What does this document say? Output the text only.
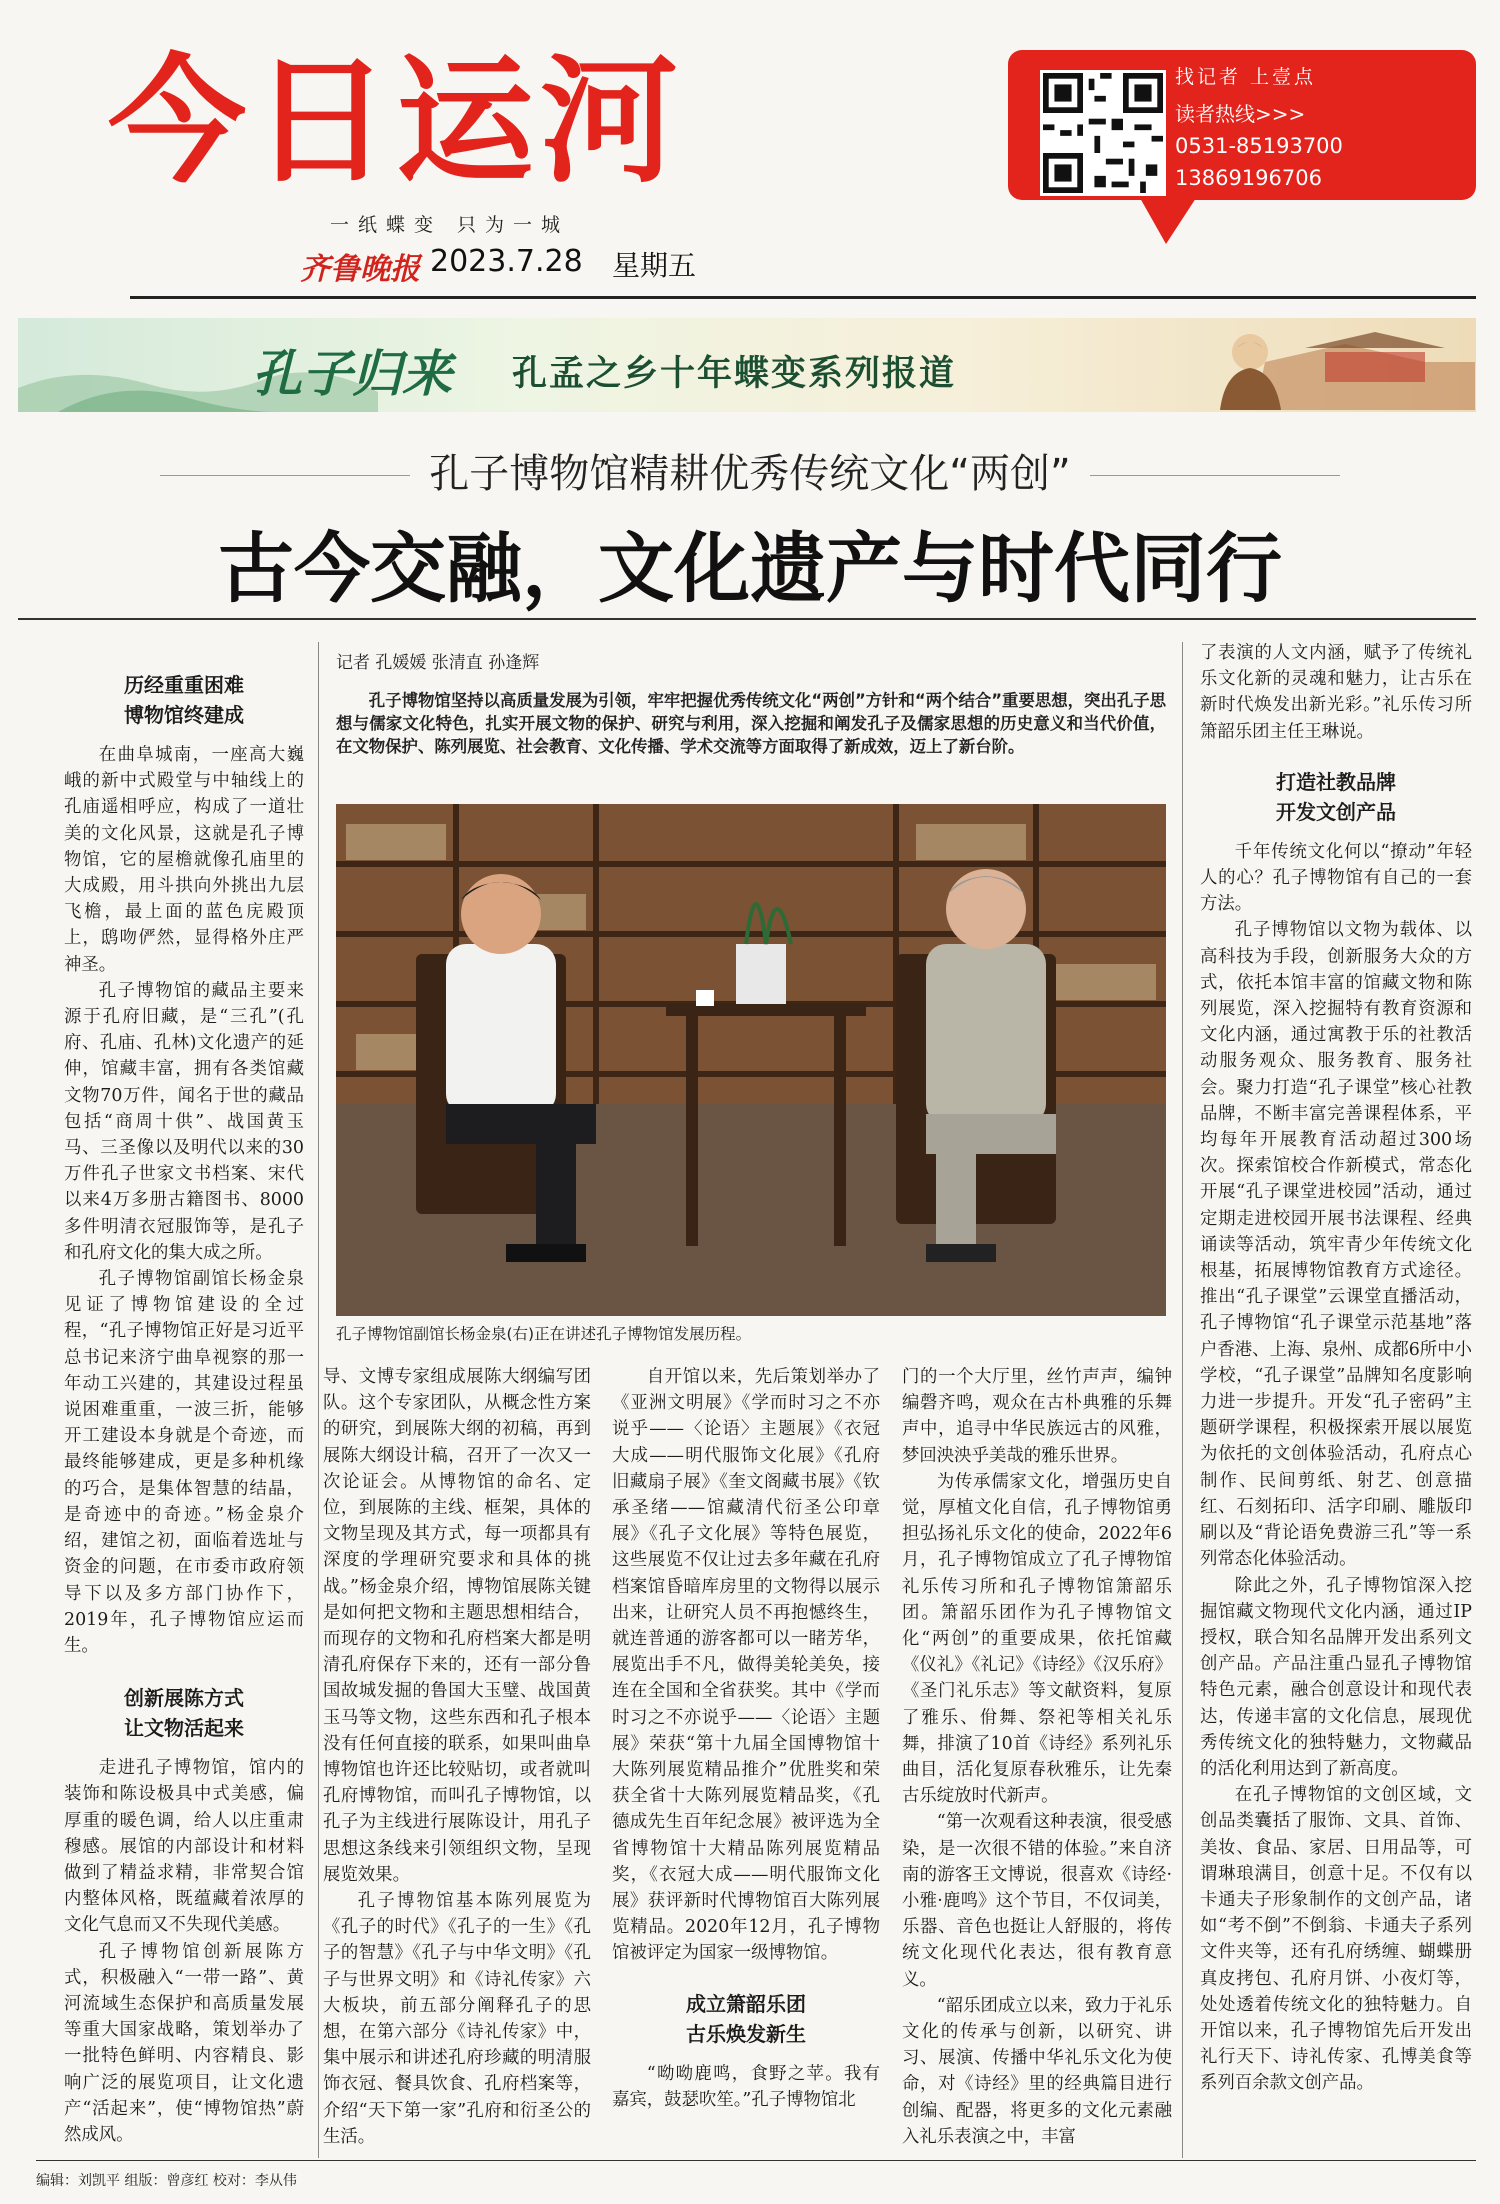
今日运河
一纸蝶变 只为一城
齐鲁晚报 2023.7.28 星期五
找记者 上壹点
读者热线>>>
0531-85193700
13869196706
孔子归来 孔孟之乡十年蝶变系列报道
孔子博物馆精耕优秀传统文化“两创”
古今交融，文化遗产与时代同行
历经重重困难
博物馆终建成

在曲阜城南，一座高大巍峨的新中式殿堂与中轴线上的孔庙遥相呼应，构成了一道壮美的文化风景，这就是孔子博物馆，它的屋檐就像孔庙里的大成殿，用斗拱向外挑出九层飞檐，最上面的蓝色庑殿顶上，鸱吻俨然，显得格外庄严神圣。

孔子博物馆的藏品主要来源于孔府旧藏，是“三孔”(孔府、孔庙、孔林)文化遗产的延伸，馆藏丰富，拥有各类馆藏文物70万件，闻名于世的藏品包括“商周十供”、战国黄玉马、三圣像以及明代以来的30万件孔子世家文书档案、宋代以来4万多册古籍图书、8000多件明清衣冠服饰等，是孔子和孔府文化的集大成之所。

孔子博物馆副馆长杨金泉见证了博物馆建设的全过程，“孔子博物馆正好是习近平总书记来济宁曲阜视察的那一年动工兴建的，其建设过程虽说困难重重，一波三折，能够开工建设本身就是个奇迹，而最终能够建成，更是多种机缘的巧合，是集体智慧的结晶，是奇迹中的奇迹。”杨金泉介绍，建馆之初，面临着选址与资金的问题，在市委市政府领导下以及多方部门协作下，2019年，孔子博物馆应运而生。

创新展陈方式
让文物活起来

走进孔子博物馆，馆内的装饰和陈设极具中式美感，偏厚重的暖色调，给人以庄重肃穆感。展馆的内部设计和材料做到了精益求精，非常契合馆内整体风格，既蕴藏着浓厚的文化气息而又不失现代美感。

孔子博物馆创新展陈方式，积极融入“一带一路”、黄河流域生态保护和高质量发展等重大国家战略，策划举办了一批特色鲜明、内容精良、影响广泛的展览项目，让文化遗产“活起来”，使“博物馆热”蔚然成风。

记者 孔媛媛 张清直 孙逢辉

孔子博物馆坚持以高质量发展为引领，牢牢把握优秀传统文化“两创”方针和“两个结合”重要思想，突出孔子思想与儒家文化特色，扎实开展文物的保护、研究与利用，深入挖掘和阐发孔子及儒家思想的历史意义和当代价值，在文物保护、陈列展览、社会教育、文化传播、学术交流等方面取得了新成效，迈上了新台阶。

孔子博物馆副馆长杨金泉(右)正在讲述孔子博物馆发展历程。

导、文博专家组成展陈大纲编写团队。这个专家团队，从概念性方案的研究，到展陈大纲的初稿，再到展陈大纲设计稿，召开了一次又一次论证会。从博物馆的命名、定位，到展陈的主线、框架，具体的文物呈现及其方式，每一项都具有深度的学理研究要求和具体的挑战。”杨金泉介绍，博物馆展陈关键是如何把文物和主题思想相结合，而现存的文物和孔府档案大都是明清孔府保存下来的，还有一部分鲁国故城发掘的鲁国大玉璧、战国黄玉马等文物，这些东西和孔子根本没有任何直接的联系，如果叫曲阜博物馆也许还比较贴切，或者就叫孔府博物馆，而叫孔子博物馆，以孔子为主线进行展陈设计，用孔子思想这条线来引领组织文物，呈现展览效果。

孔子博物馆基本陈列展览为《孔子的时代》《孔子的一生》《孔子的智慧》《孔子与中华文明》《孔子与世界文明》和《诗礼传家》六大板块，前五部分阐释孔子的思想，在第六部分《诗礼传家》中，集中展示和讲述孔府珍藏的明清服饰衣冠、餐具饮食、孔府档案等，介绍“天下第一家”孔府和衍圣公的生活。

自开馆以来，先后策划举办了《亚洲文明展》《学而时习之不亦说乎——〈论语〉主题展》《衣冠大成——明代服饰文化展》《孔府旧藏扇子展》《奎文阁藏书展》《钦承圣绪——馆藏清代衍圣公印章展》《孔子文化展》等特色展览，这些展览不仅让过去多年藏在孔府档案馆昏暗库房里的文物得以展示出来，让研究人员不再抱憾终生，就连普通的游客都可以一睹芳华，展览出手不凡，做得美轮美奂，接连在全国和全省获奖。其中《学而时习之不亦说乎——〈论语〉主题展》荣获“第十九届全国博物馆十大陈列展览精品推介”优胜奖和荣获全省十大陈列展览精品奖，《孔德成先生百年纪念展》被评选为全省博物馆十大精品陈列展览精品奖，《衣冠大成——明代服饰文化展》获评新时代博物馆百大陈列展览精品。2020年12月，孔子博物馆被评定为国家一级博物馆。

成立箫韶乐团
古乐焕发新生

“呦呦鹿鸣，食野之苹。我有嘉宾，鼓瑟吹笙。”孔子博物馆北

门的一个大厅里，丝竹声声，编钟编磬齐鸣，观众在古朴典雅的乐舞声中，追寻中华民族远古的风雅，梦回泱泱乎美哉的雅乐世界。

为传承儒家文化，增强历史自觉，厚植文化自信，孔子博物馆勇担弘扬礼乐文化的使命，2022年6月，孔子博物馆成立了孔子博物馆礼乐传习所和孔子博物馆箫韶乐团。箫韶乐团作为孔子博物馆文化“两创”的重要成果，依托馆藏《仪礼》《礼记》《诗经》《汉乐府》《圣门礼乐志》等文献资料，复原了雅乐、佾舞、祭祀等相关礼乐舞，排演了10首《诗经》系列礼乐曲目，活化复原春秋雅乐，让先秦古乐绽放时代新声。

“第一次观看这种表演，很受感染，是一次很不错的体验。”来自济南的游客王文博说，很喜欢《诗经·小雅·鹿鸣》这个节目，不仅词美，乐器、音色也挺让人舒服的，将传统文化现代化表达，很有教育意义。

“韶乐团成立以来，致力于礼乐文化的传承与创新，以研究、讲习、展演、传播中华礼乐文化为使命，对《诗经》里的经典篇目进行创编、配器，将更多的文化元素融入礼乐表演之中，丰富

了表演的人文内涵，赋予了传统礼乐文化新的灵魂和魅力，让古乐在新时代焕发出新光彩。”礼乐传习所箫韶乐团主任王琳说。

打造社教品牌
开发文创产品

千年传统文化何以“撩动”年轻人的心？孔子博物馆有自己的一套方法。

孔子博物馆以文物为载体、以高科技为手段，创新服务大众的方式，依托本馆丰富的馆藏文物和陈列展览，深入挖掘特有教育资源和文化内涵，通过寓教于乐的社教活动服务观众、服务教育、服务社会。聚力打造“孔子课堂”核心社教品牌，不断丰富完善课程体系，平均每年开展教育活动超过300场次。探索馆校合作新模式，常态化开展“孔子课堂进校园”活动，通过定期走进校园开展书法课程、经典诵读等活动，筑牢青少年传统文化根基，拓展博物馆教育方式途径。推出“孔子课堂”云课堂直播活动，孔子博物馆“孔子课堂示范基地”落户香港、上海、泉州、成都6所中小学校，“孔子课堂”品牌知名度影响力进一步提升。开发“孔子密码”主题研学课程，积极探索开展以展览为依托的文创体验活动，孔府点心制作、民间剪纸、射艺、创意描红、石刻拓印、活字印刷、雕版印刷以及“背论语免费游三孔”等一系列常态化体验活动。

除此之外，孔子博物馆深入挖掘馆藏文物现代文化内涵，通过IP授权，联合知名品牌开发出系列文创产品。产品注重凸显孔子博物馆特色元素，融合创意设计和现代表达，传递丰富的文化信息，展现优秀传统文化的独特魅力，文物藏品的活化利用达到了新高度。

在孔子博物馆的文创区域，文创品类囊括了服饰、文具、首饰、美妆、食品、家居、日用品等，可谓琳琅满目，创意十足。不仅有以卡通夫子形象制作的文创产品，诸如“考不倒”不倒翁、卡通夫子系列文件夹等，还有孔府绣缠、蝴蝶册真皮拷包、孔府月饼、小夜灯等，处处透着传统文化的独特魅力。自开馆以来，孔子博物馆先后开发出礼行天下、诗礼传家、孔博美食等系列百余款文创产品。

编辑：刘凯平 组版：曾彦红 校对：李从伟
